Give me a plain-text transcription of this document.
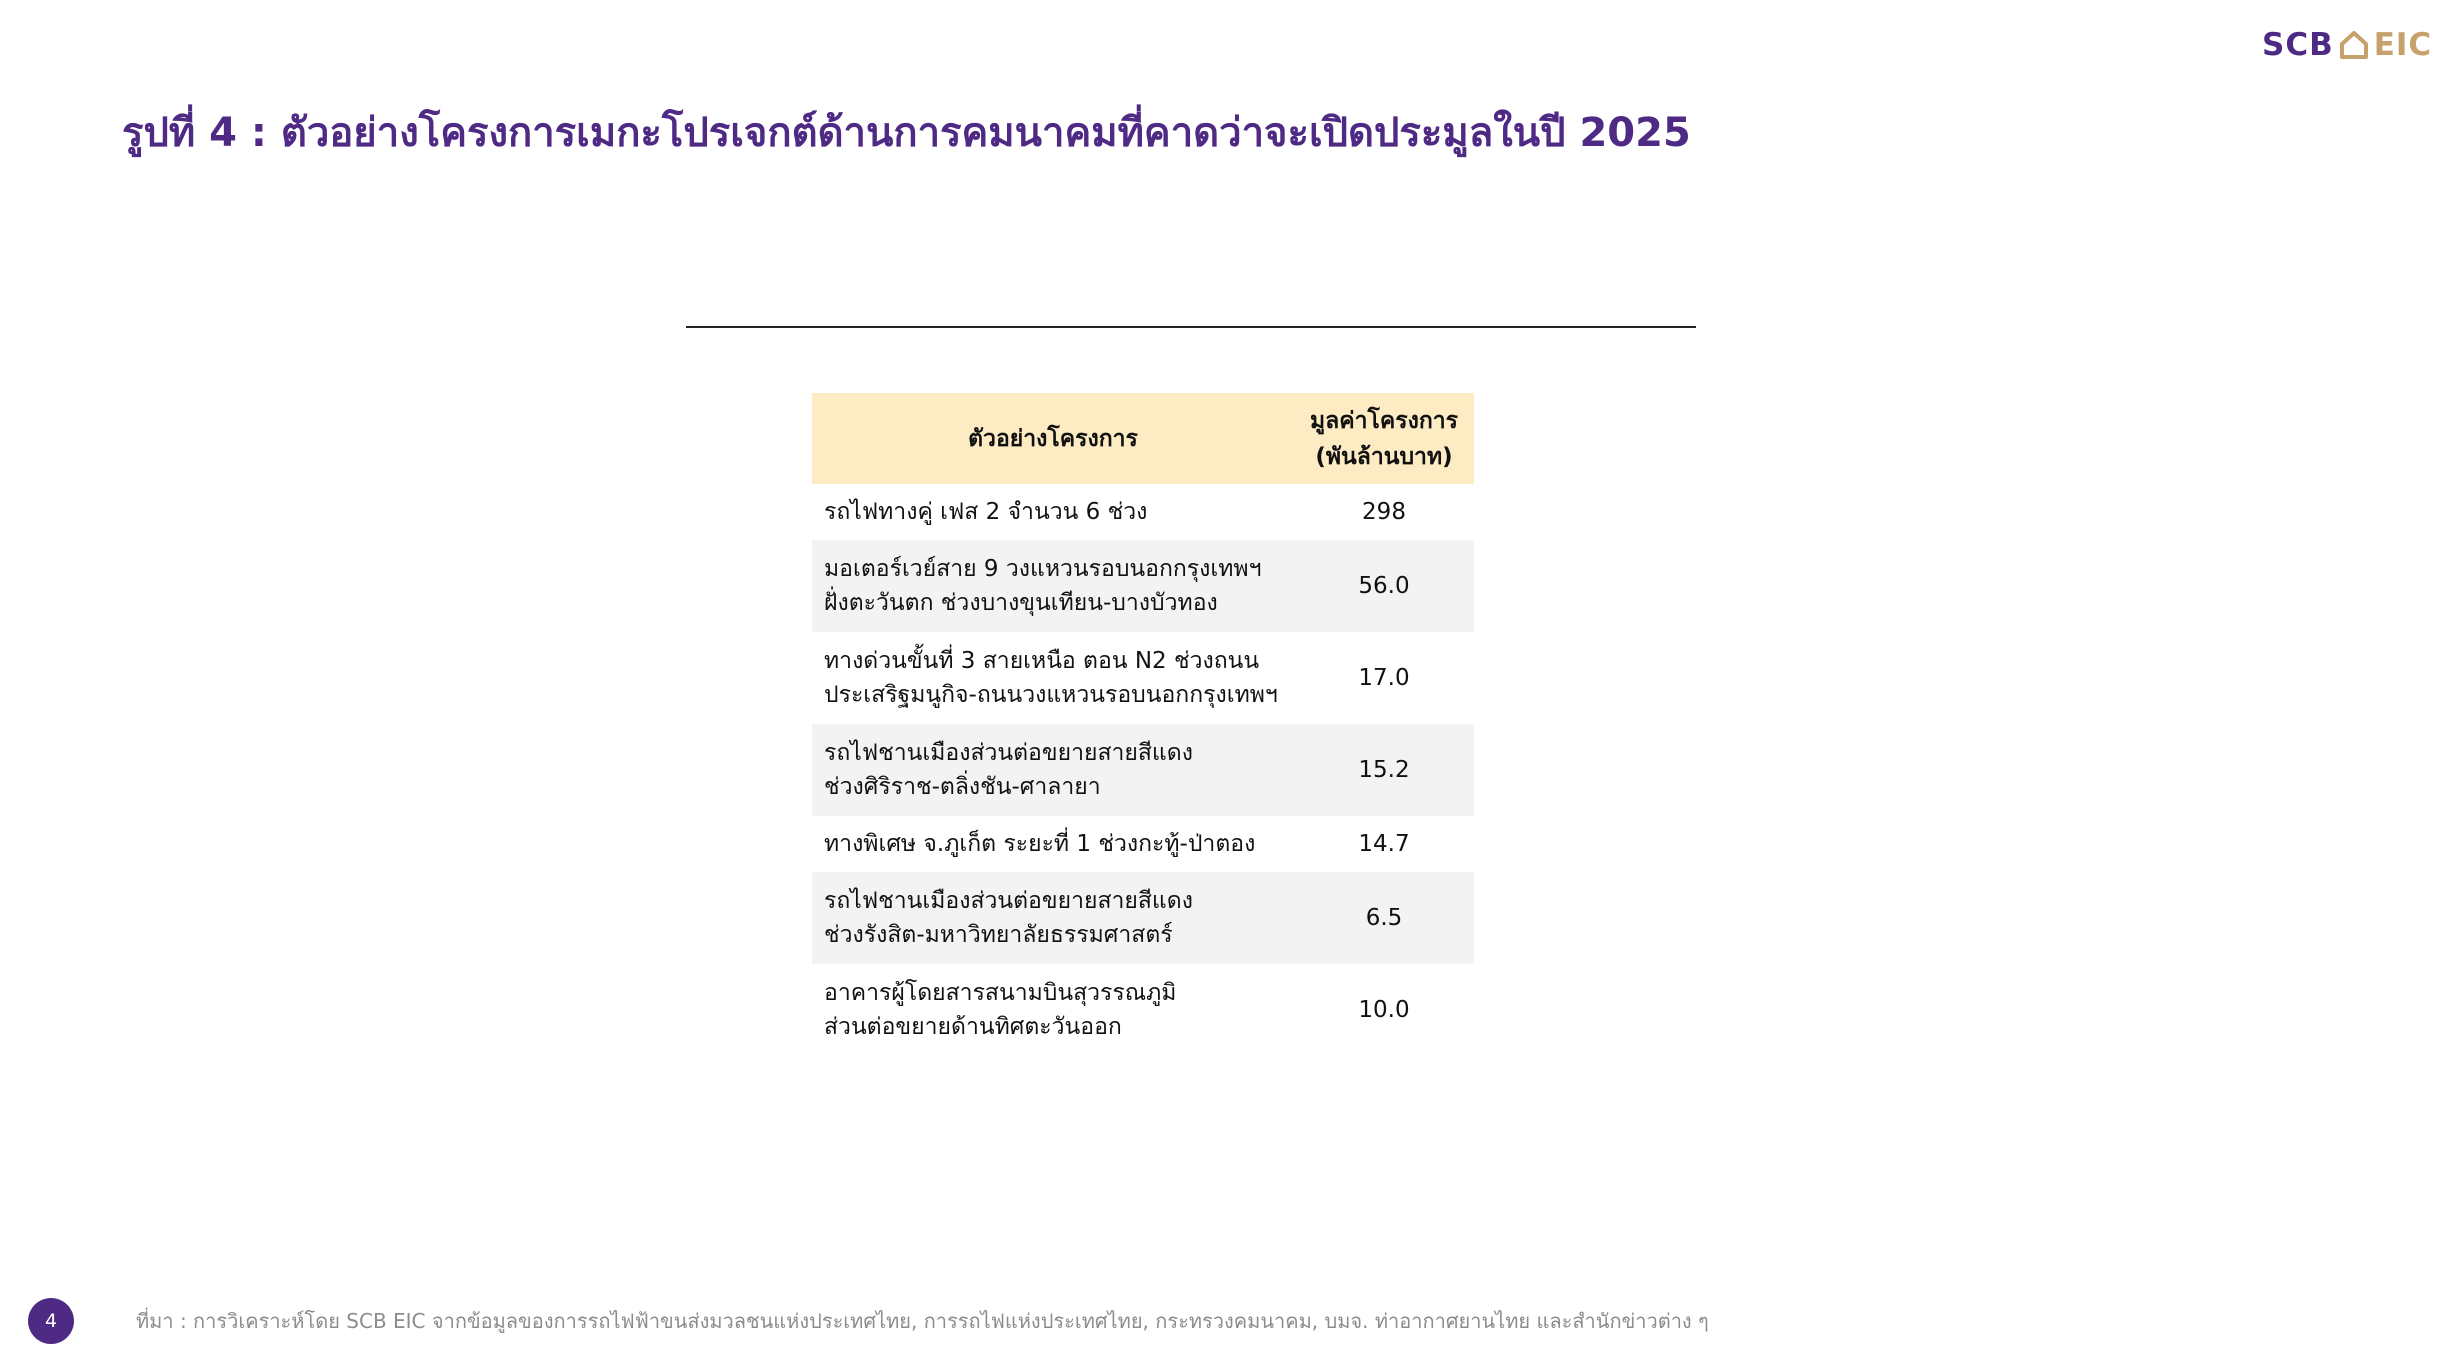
SCB EIC
รูปที่ 4 : ตัวอย่างโครงการเมกะโปรเจกต์ด้านการคมนาคมที่คาดว่าจะเปิดประมูลในปี 2025
ตัวอย่างโครงการ	มูลค่าโครงการ
(พันล้านบาท)
รถไฟทางคู่ เฟส 2 จำนวน 6 ช่วง	298
มอเตอร์เวย์สาย 9 วงแหวนรอบนอกกรุงเทพฯ
ฝั่งตะวันตก ช่วงบางขุนเทียน-บางบัวทอง	56.0
ทางด่วนขั้นที่ 3 สายเหนือ ตอน N2 ช่วงถนน
ประเสริฐมนูกิจ-ถนนวงแหวนรอบนอกกรุงเทพฯ	17.0
รถไฟชานเมืองส่วนต่อขยายสายสีแดง
ช่วงศิริราช-ตลิ่งชัน-ศาลายา	15.2
ทางพิเศษ จ.ภูเก็ต ระยะที่ 1 ช่วงกะทู้-ป่าตอง	14.7
รถไฟชานเมืองส่วนต่อขยายสายสีแดง
ช่วงรังสิต-มหาวิทยาลัยธรรมศาสตร์	6.5
อาคารผู้โดยสารสนามบินสุวรรณภูมิ
ส่วนต่อขยายด้านทิศตะวันออก	10.0
4	ที่มา : การวิเคราะห์โดย SCB EIC จากข้อมูลของการรถไฟฟ้าขนส่งมวลชนแห่งประเทศไทย, การรถไฟแห่งประเทศไทย, กระทรวงคมนาคม, บมจ. ท่าอากาศยานไทย และสำนักข่าวต่าง ๆ
